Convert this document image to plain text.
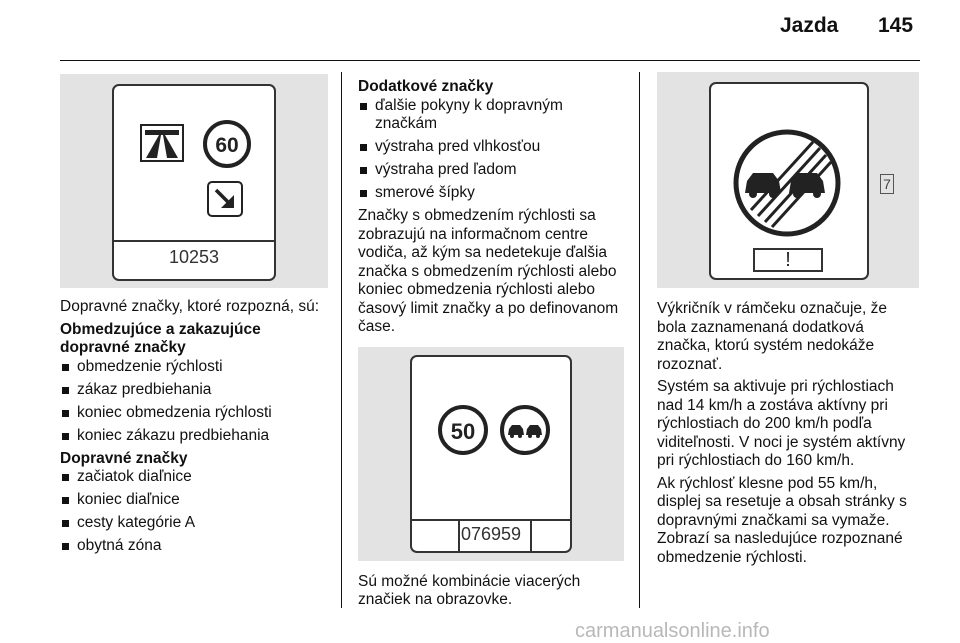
Jazda 145
60
10253

Dopravné značky, ktoré rozpozná, sú:

Obmedzujúce a zakazujúce dopravné značky

obmedzenie rýchlosti
zákaz predbiehania
koniec obmedzenia rýchlosti
koniec zákazu predbiehania

Dopravné značky

začiatok diaľnice
koniec diaľnice
cesty kategórie A
obytná zóna

Dodatkové značky

ďalšie pokyny k dopravným značkám
výstraha pred vlhkosťou
výstraha pred ľadom
smerové šípky

Značky s obmedzením rýchlosti sa zobrazujú na informačnom centre vodiča, až kým sa nedetekuje ďalšia značka s obmedzením rýchlosti alebo koniec obmedzenia rýchlosti alebo časový limit značky a po definovanom čase.

50
076959

Sú možné kombinácie viacerých značiek na obrazovke.

!
7

Výkričník v rámčeku označuje, že bola zaznamenaná dodatková značka, ktorú systém nedokáže rozoznať.

Systém sa aktivuje pri rýchlostiach nad 14 km/h a zostáva aktívny pri rýchlostiach do 200 km/h podľa viditeľnosti. V noci je systém aktívny pri rýchlostiach do 160 km/h.

Ak rýchlosť klesne pod 55 km/h, displej sa resetuje a obsah stránky s dopravnými značkami sa vymaže. Zobrazí sa nasledujúce rozpoznané obmedzenie rýchlosti.

carmanualsonline.info
